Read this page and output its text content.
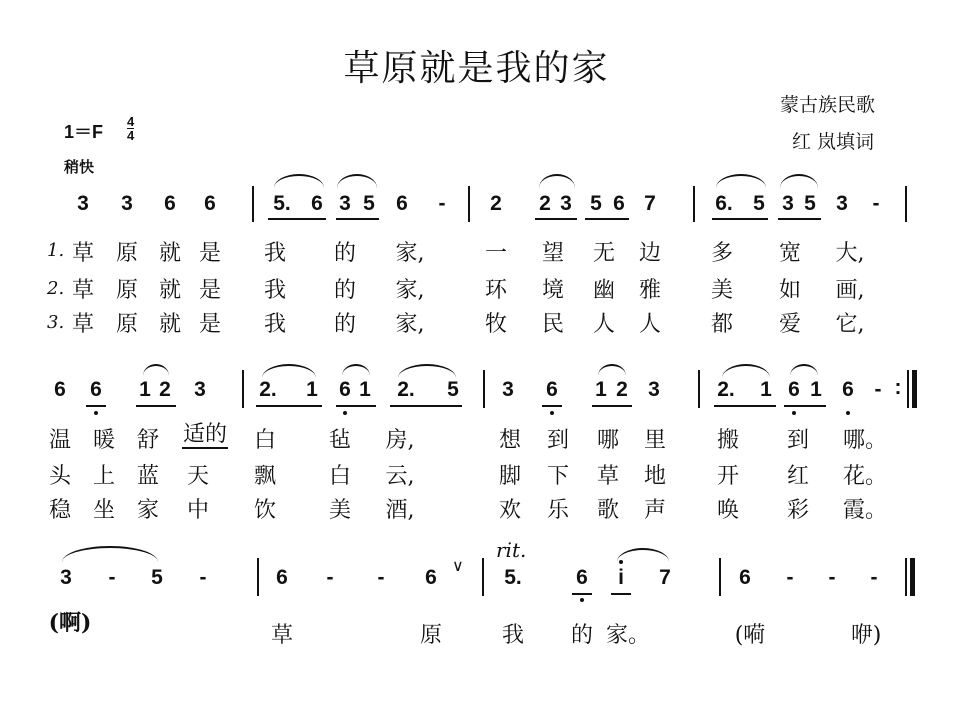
草原就是我的家
蒙古族民歌
红 岚填词
$1=F \frac{4}{4}$
稍快
3 3 6 6	5. 6 3 5 6	-	2 2 3 5 6 7	6. 5 3 5 3	-
1.
2.
3.
草 原 就 是 我 的 家,	一 望 无 边 多 宽 大,
草 原 就 是 我 的 家,	环 境 幽 雅 美 如 画,
草 原 就 是 我 的 家,	牧 民 人 人 都 爱 它,
6 6 1 2 3	2. 1 6 1 2. 5 3 6 1 2 3	2. 1 6 1 6 - :
温 暖 舒 适的 白 毡 房,	想 到 哪 里 搬 到 哪。
头 上 蓝 天 飘 白 云,	脚 下 草 地 开 红 花。
稳 坐 家 中 饮 美 酒,	欢 乐 歌 声 唤 彩 霞。
rit.
∨
3	-	5	-	6	-	-	6	5.	6	i	7	6	-	-	-
(啊)	草	原	我 的 家。	(嗬	咿)
